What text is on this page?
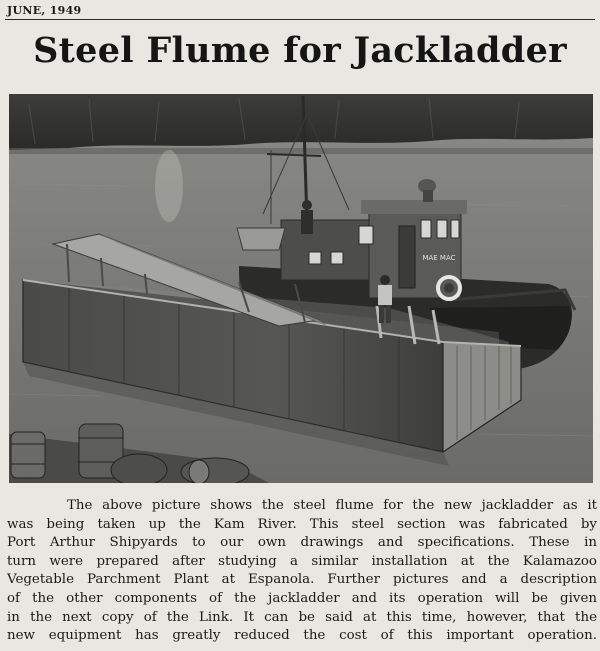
JUNE, 1949
Steel Flume for Jackladder
MAE MAC
The above picture shows the steel flume for the new jackladder as it
was being taken up the Kam River. This steel section was fabricated by
Port Arthur Shipyards to our own drawings and specifications. These in
turn were prepared after studying a similar installation at the Kalamazoo
Vegetable Parchment Plant at Espanola. Further pictures and a description
of the other components of the jackladder and its operation will be given
in the next copy of the Link. It can be said at this time, however, that the
new equipment has greatly reduced the cost of this important operation.
